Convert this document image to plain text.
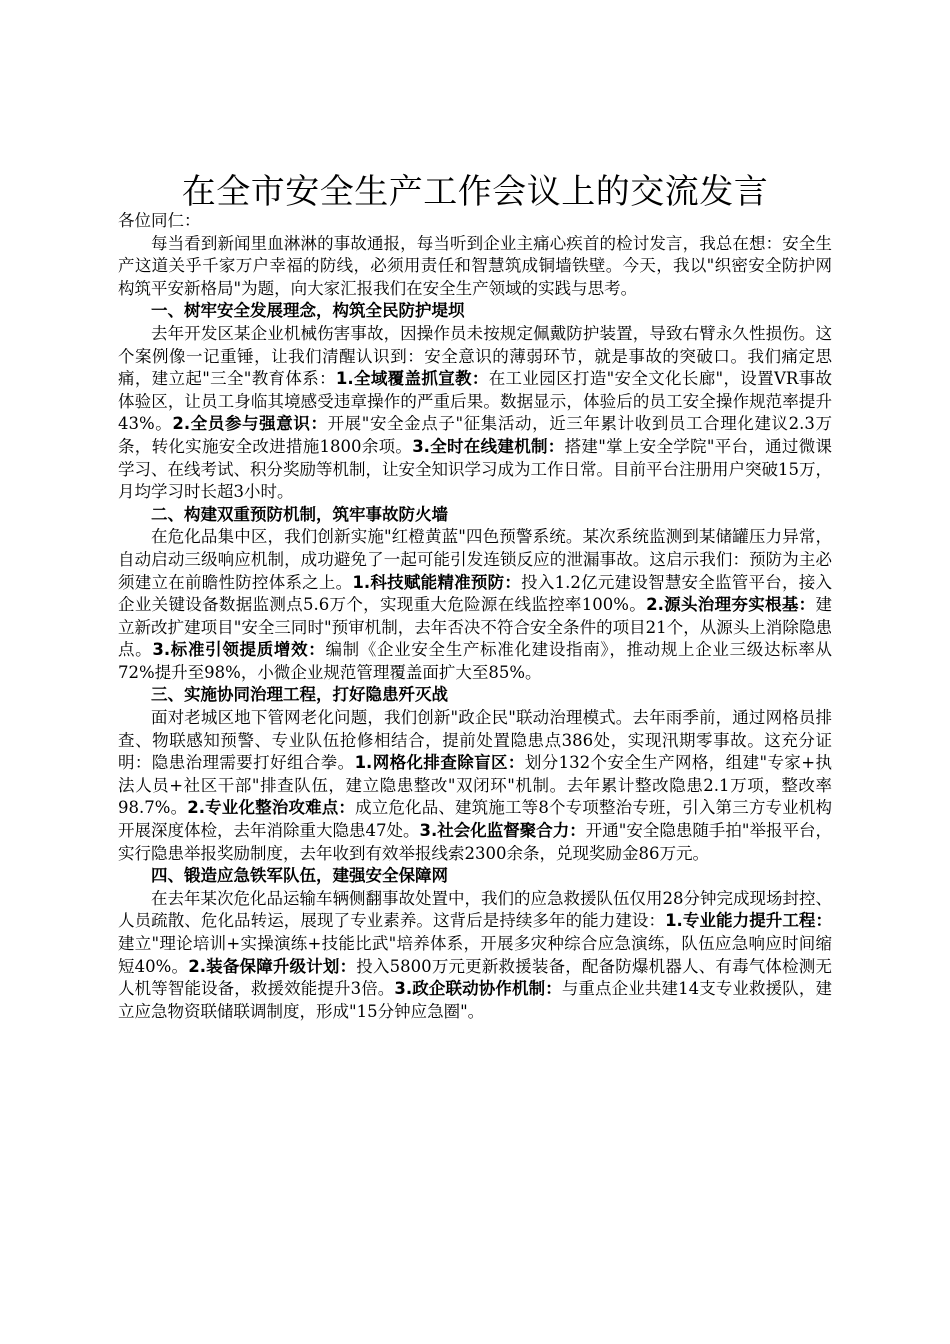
在全市安全生产工作会议上的交流发言

各位同仁：

每当看到新闻里血淋淋的事故通报，每当听到企业主痛心疾首的检讨发言，我总在想：安全生产这道关乎千家万户幸福的防线，必须用责任和智慧筑成铜墙铁壁。今天，我以"织密安全防护网 构筑平安新格局"为题，向大家汇报我们在安全生产领域的实践与思考。

一、树牢安全发展理念，构筑全民防护堤坝

去年开发区某企业机械伤害事故，因操作员未按规定佩戴防护装置，导致右臂永久性损伤。这个案例像一记重锤，让我们清醒认识到：安全意识的薄弱环节，就是事故的突破口。我们痛定思痛，建立起"三全"教育体系：1.全域覆盖抓宣教：在工业园区打造"安全文化长廊"，设置VR事故体验区，让员工身临其境感受违章操作的严重后果。数据显示，体验后的员工安全操作规范率提升43%。2.全员参与强意识：开展"安全金点子"征集活动，近三年累计收到员工合理化建议2.3万条，转化实施安全改进措施1800余项。3.全时在线建机制：搭建"掌上安全学院"平台，通过微课学习、在线考试、积分奖励等机制，让安全知识学习成为工作日常。目前平台注册用户突破15万，月均学习时长超3小时。

二、构建双重预防机制，筑牢事故防火墙

在危化品集中区，我们创新实施"红橙黄蓝"四色预警系统。某次系统监测到某储罐压力异常，自动启动三级响应机制，成功避免了一起可能引发连锁反应的泄漏事故。这启示我们：预防为主必须建立在前瞻性防控体系之上。1.科技赋能精准预防：投入1.2亿元建设智慧安全监管平台，接入企业关键设备数据监测点5.6万个，实现重大危险源在线监控率100%。2.源头治理夯实根基：建立新改扩建项目"安全三同时"预审机制，去年否决不符合安全条件的项目21个，从源头上消除隐患点。3.标准引领提质增效：编制《企业安全生产标准化建设指南》，推动规上企业三级达标率从72%提升至98%，小微企业规范管理覆盖面扩大至85%。

三、实施协同治理工程，打好隐患歼灭战

面对老城区地下管网老化问题，我们创新"政企民"联动治理模式。去年雨季前，通过网格员排查、物联感知预警、专业队伍抢修相结合，提前处置隐患点386处，实现汛期零事故。这充分证明：隐患治理需要打好组合拳。1.网格化排查除盲区：划分132个安全生产网格，组建"专家+执法人员+社区干部"排查队伍，建立隐患整改"双闭环"机制。去年累计整改隐患2.1万项，整改率98.7%。2.专业化整治攻难点：成立危化品、建筑施工等8个专项整治专班，引入第三方专业机构开展深度体检，去年消除重大隐患47处。3.社会化监督聚合力：开通"安全隐患随手拍"举报平台，实行隐患举报奖励制度，去年收到有效举报线索2300余条，兑现奖励金86万元。

四、锻造应急铁军队伍，建强安全保障网

在去年某次危化品运输车辆侧翻事故处置中，我们的应急救援队伍仅用28分钟完成现场封控、人员疏散、危化品转运，展现了专业素养。这背后是持续多年的能力建设：1.专业能力提升工程：建立"理论培训+实操演练+技能比武"培养体系，开展多灾种综合应急演练，队伍应急响应时间缩短40%。2.装备保障升级计划：投入5800万元更新救援装备，配备防爆机器人、有毒气体检测无人机等智能设备，救援效能提升3倍。3.政企联动协作机制：与重点企业共建14支专业救援队，建立应急物资联储联调制度，形成"15分钟应急圈"。
